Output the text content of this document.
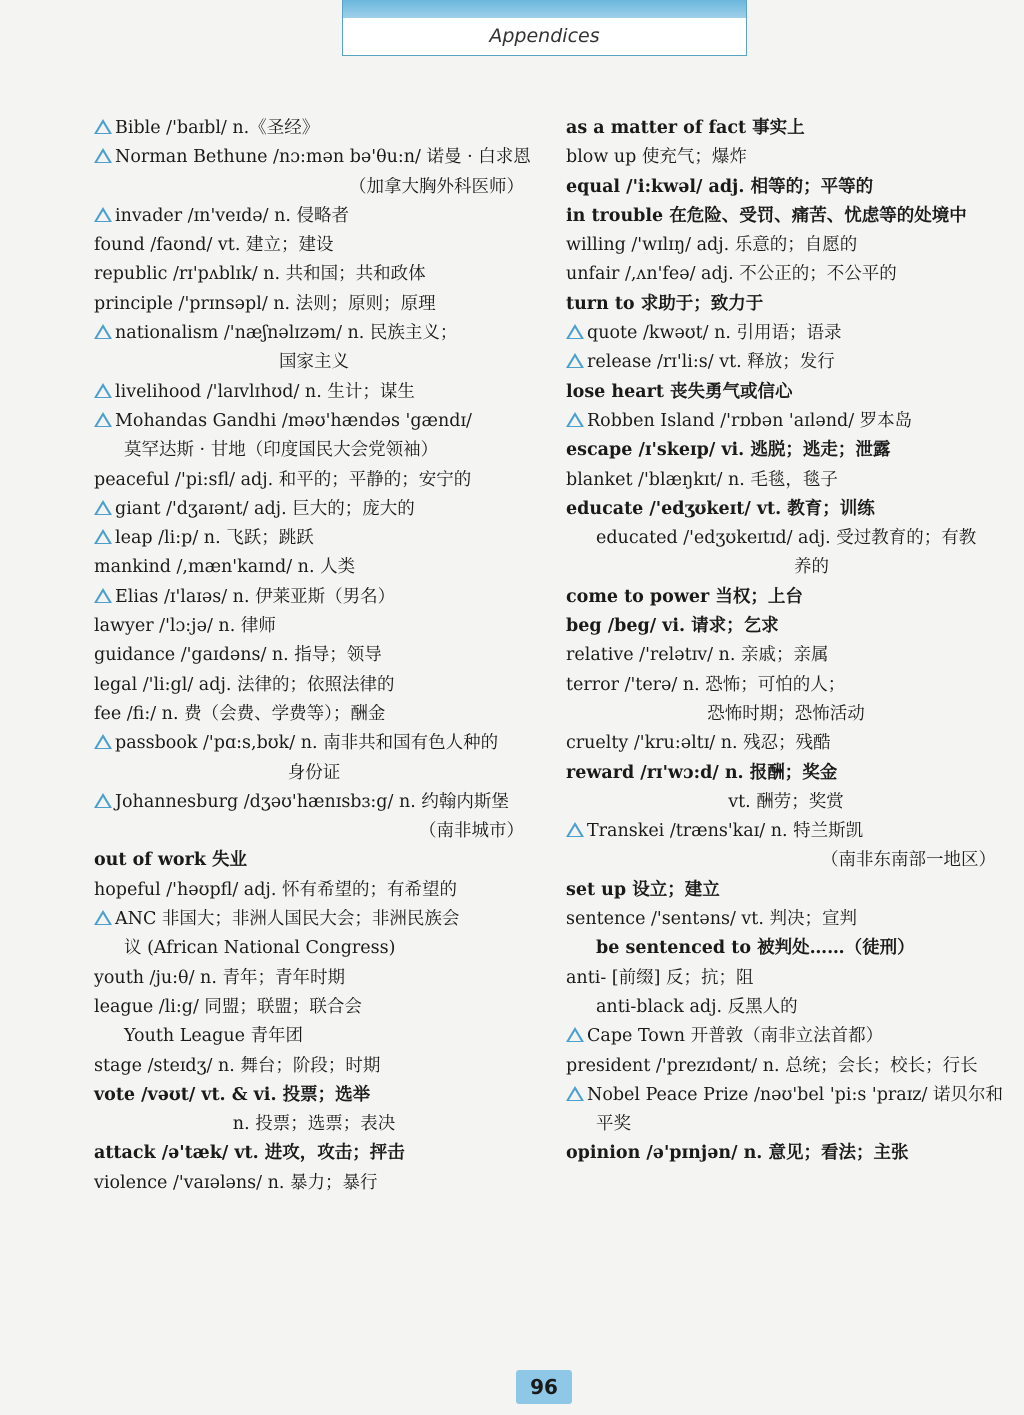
Appendices
Bible /'baɪbl/ n.《圣经》
Norman Bethune /nɔ:mən bə'θu:n/ 诺曼 · 白求恩
（加拿大胸外科医师）
invader /ɪn'veɪdə/ n. 侵略者
found /faʊnd/ vt. 建立；建设
republic /rɪ'pʌblɪk/ n. 共和国；共和政体
principle /'prɪnsəpl/ n. 法则；原则；原理
nationalism /'næʃnəlɪzəm/ n. 民族主义；
国家主义
livelihood /'laɪvlɪhʊd/ n. 生计；谋生
Mohandas Gandhi /məʊ'hændəs 'gændɪ/
莫罕达斯 · 甘地（印度国民大会党领袖）
peaceful /'pi:sfl/ adj. 和平的；平静的；安宁的
giant /'dʒaɪənt/ adj. 巨大的；庞大的
leap /li:p/ n. 飞跃；跳跃
mankind /,mæn'kaɪnd/ n. 人类
Elias /ɪ'laɪəs/ n. 伊莱亚斯（男名）
lawyer /'lɔ:jə/ n. 律师
guidance /'gaɪdəns/ n. 指导；领导
legal /'li:gl/ adj. 法律的；依照法律的
fee /fi:/ n. 费（会费、学费等）；酬金
passbook /'pɑ:s,bʊk/ n. 南非共和国有色人种的
身份证
Johannesburg /dʒəʊ'hænɪsbɜ:g/ n. 约翰内斯堡
（南非城市）
out of work 失业
hopeful /'həʊpfl/ adj. 怀有希望的；有希望的
ANC 非国大；非洲人国民大会；非洲民族会
议 (African National Congress)
youth /ju:θ/ n. 青年；青年时期
league /li:g/ 同盟；联盟；联合会
Youth League 青年团
stage /steɪdʒ/ n. 舞台；阶段；时期
vote /vəʊt/ vt. & vi. 投票；选举
n. 投票；选票；表决
attack /ə'tæk/ vt. 进攻，攻击；抨击
violence /'vaɪələns/ n. 暴力；暴行
as a matter of fact 事实上
blow up 使充气；爆炸
equal /'i:kwəl/ adj. 相等的；平等的
in trouble 在危险、受罚、痛苦、忧虑等的处境中
willing /'wɪlɪŋ/ adj. 乐意的；自愿的
unfair /,ʌn'feə/ adj. 不公正的；不公平的
turn to 求助于；致力于
quote /kwəʊt/ n. 引用语；语录
release /rɪ'li:s/ vt. 释放；发行
lose heart 丧失勇气或信心
Robben Island /'rɒbən 'aɪlənd/ 罗本岛
escape /ɪ'skeɪp/ vi. 逃脱；逃走；泄露
blanket /'blæŋkɪt/ n. 毛毯，毯子
educate /'edʒʊkeɪt/ vt. 教育；训练
educated /'edʒʊkeɪtɪd/ adj. 受过教育的；有教
养的
come to power 当权；上台
beg /beg/ vi. 请求；乞求
relative /'relətɪv/ n. 亲戚；亲属
terror /'terə/ n. 恐怖；可怕的人；
恐怖时期；恐怖活动
cruelty /'kru:əltɪ/ n. 残忍；残酷
reward /rɪ'wɔ:d/ n. 报酬；奖金
vt. 酬劳；奖赏
Transkei /træns'kaɪ/ n. 特兰斯凯
（南非东南部一地区）
set up 设立；建立
sentence /'sentəns/ vt. 判决；宣判
be sentenced to 被判处……（徒刑）
anti- [前缀] 反；抗；阻
anti-black adj. 反黑人的
Cape Town 开普敦（南非立法首都）
president /'prezɪdənt/ n. 总统；会长；校长；行长
Nobel Peace Prize /nəʊ'bel 'pi:s 'praɪz/ 诺贝尔和
平奖
opinion /ə'pɪnjən/ n. 意见；看法；主张
96
